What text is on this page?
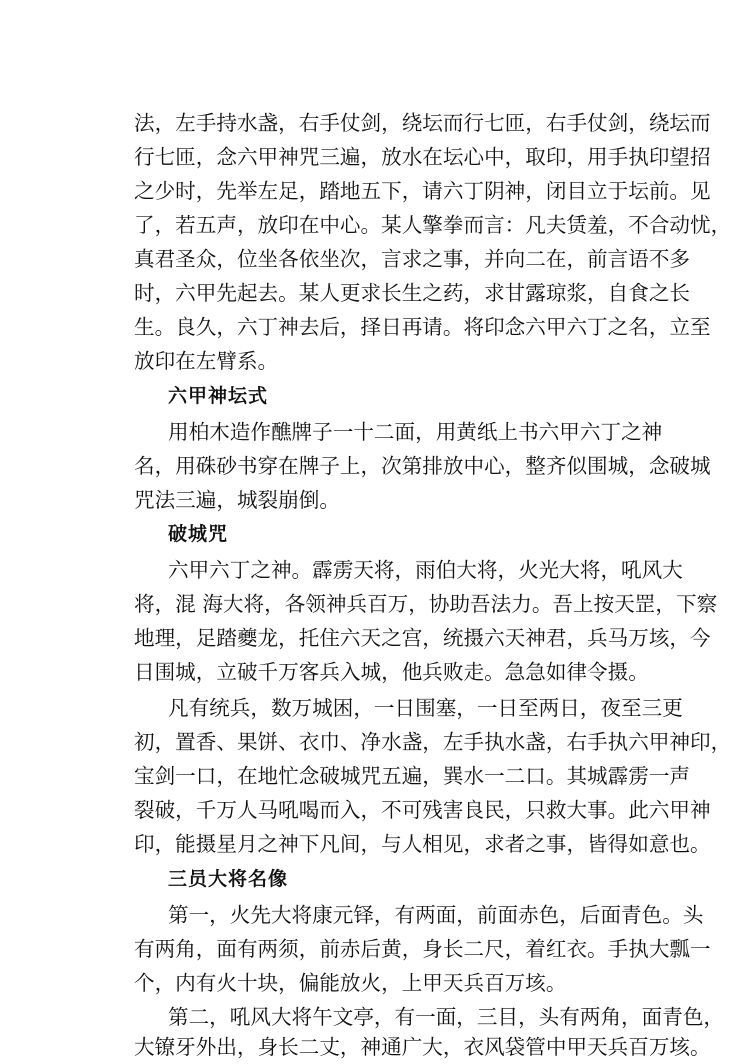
法，左手持水盏，右手仗剑，绕坛而行七匝，右手仗剑，绕坛而
行七匝，念六甲神咒三遍，放水在坛心中，取印，用手执印望招
之少时，先举左足，踏地五下，请六丁阴神，闭目立于坛前。见
了，若五声，放印在中心。某人擎拳而言：凡夫赁羞，不合动忧，
真君圣众，位坐各依坐次，言求之事，并向二在，前言语不多
时，六甲先起去。某人更求长生之药，求甘露琼浆，自食之长
生。良久，六丁神去后，择日再请。将印念六甲六丁之名，立至
放印在左臂系。
六甲神坛式
用柏木造作醮牌子一十二面，用黄纸上书六甲六丁之神
名，用硃砂书穿在牌子上，次第排放中心，整齐似围城，念破城
咒法三遍，城裂崩倒。
破城咒
六甲六丁之神。霹雳天将，雨伯大将，火光大将，吼风大
将，混 海大将，各领神兵百万，协助吾法力。吾上按天罡，下察
地理，足踏夔龙，托住六天之宫，统摄六天神君，兵马万垓，今
日围城，立破千万客兵入城，他兵败走。急急如律令摄。
凡有统兵，数万城困，一日围塞，一日至两日，夜至三更
初，置香、果饼、衣巾、净水盏，左手执水盏，右手执六甲神印，
宝剑一口，在地忙念破城咒五遍，巽水一二口。其城霹雳一声
裂破，千万人马吼喝而入，不可残害良民，只救大事。此六甲神
印，能摄星月之神下凡间，与人相见，求者之事，皆得如意也。
三员大将名像
第一，火先大将康元铎，有两面，前面赤色，后面青色。头
有两角，面有两须，前赤后黄，身长二尺，着红衣。手执大瓢一
个，内有火十块，偏能放火，上甲天兵百万垓。
第二，吼风大将午文亭，有一面，三目，头有两角，面青色，
大镣牙外出，身长二丈，神通广大，衣风袋管中甲天兵百万垓。
